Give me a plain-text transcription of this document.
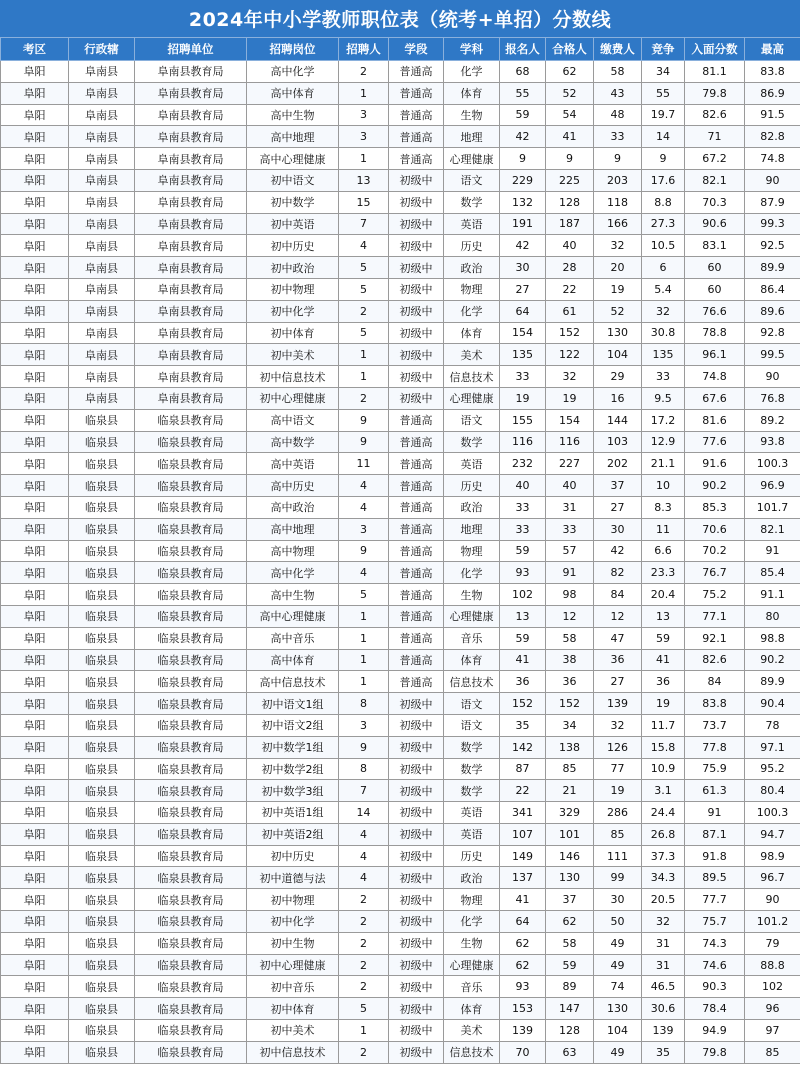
2024年中小学教师职位表（统考+单招）分数线
考区	行政辖	招聘单位	招聘岗位	招聘人	学段	学科	报名人	合格人	缴费人	竞争	入面分数	最高
阜阳	阜南县	阜南县教育局	高中化学	2	普通高	化学	68	62	58	34	81.1	83.8
阜阳	阜南县	阜南县教育局	高中体育	1	普通高	体育	55	52	43	55	79.8	86.9
阜阳	阜南县	阜南县教育局	高中生物	3	普通高	生物	59	54	48	19.7	82.6	91.5
阜阳	阜南县	阜南县教育局	高中地理	3	普通高	地理	42	41	33	14	71	82.8
阜阳	阜南县	阜南县教育局	高中心理健康	1	普通高	心理健康	9	9	9	9	67.2	74.8
阜阳	阜南县	阜南县教育局	初中语文	13	初级中	语文	229	225	203	17.6	82.1	90
阜阳	阜南县	阜南县教育局	初中数学	15	初级中	数学	132	128	118	8.8	70.3	87.9
阜阳	阜南县	阜南县教育局	初中英语	7	初级中	英语	191	187	166	27.3	90.6	99.3
阜阳	阜南县	阜南县教育局	初中历史	4	初级中	历史	42	40	32	10.5	83.1	92.5
阜阳	阜南县	阜南县教育局	初中政治	5	初级中	政治	30	28	20	6	60	89.9
阜阳	阜南县	阜南县教育局	初中物理	5	初级中	物理	27	22	19	5.4	60	86.4
阜阳	阜南县	阜南县教育局	初中化学	2	初级中	化学	64	61	52	32	76.6	89.6
阜阳	阜南县	阜南县教育局	初中体育	5	初级中	体育	154	152	130	30.8	78.8	92.8
阜阳	阜南县	阜南县教育局	初中美术	1	初级中	美术	135	122	104	135	96.1	99.5
阜阳	阜南县	阜南县教育局	初中信息技术	1	初级中	信息技术	33	32	29	33	74.8	90
阜阳	阜南县	阜南县教育局	初中心理健康	2	初级中	心理健康	19	19	16	9.5	67.6	76.8
阜阳	临泉县	临泉县教育局	高中语文	9	普通高	语文	155	154	144	17.2	81.6	89.2
阜阳	临泉县	临泉县教育局	高中数学	9	普通高	数学	116	116	103	12.9	77.6	93.8
阜阳	临泉县	临泉县教育局	高中英语	11	普通高	英语	232	227	202	21.1	91.6	100.3
阜阳	临泉县	临泉县教育局	高中历史	4	普通高	历史	40	40	37	10	90.2	96.9
阜阳	临泉县	临泉县教育局	高中政治	4	普通高	政治	33	31	27	8.3	85.3	101.7
阜阳	临泉县	临泉县教育局	高中地理	3	普通高	地理	33	33	30	11	70.6	82.1
阜阳	临泉县	临泉县教育局	高中物理	9	普通高	物理	59	57	42	6.6	70.2	91
阜阳	临泉县	临泉县教育局	高中化学	4	普通高	化学	93	91	82	23.3	76.7	85.4
阜阳	临泉县	临泉县教育局	高中生物	5	普通高	生物	102	98	84	20.4	75.2	91.1
阜阳	临泉县	临泉县教育局	高中心理健康	1	普通高	心理健康	13	12	12	13	77.1	80
阜阳	临泉县	临泉县教育局	高中音乐	1	普通高	音乐	59	58	47	59	92.1	98.8
阜阳	临泉县	临泉县教育局	高中体育	1	普通高	体育	41	38	36	41	82.6	90.2
阜阳	临泉县	临泉县教育局	高中信息技术	1	普通高	信息技术	36	36	27	36	84	89.9
阜阳	临泉县	临泉县教育局	初中语文1组	8	初级中	语文	152	152	139	19	83.8	90.4
阜阳	临泉县	临泉县教育局	初中语文2组	3	初级中	语文	35	34	32	11.7	73.7	78
阜阳	临泉县	临泉县教育局	初中数学1组	9	初级中	数学	142	138	126	15.8	77.8	97.1
阜阳	临泉县	临泉县教育局	初中数学2组	8	初级中	数学	87	85	77	10.9	75.9	95.2
阜阳	临泉县	临泉县教育局	初中数学3组	7	初级中	数学	22	21	19	3.1	61.3	80.4
阜阳	临泉县	临泉县教育局	初中英语1组	14	初级中	英语	341	329	286	24.4	91	100.3
阜阳	临泉县	临泉县教育局	初中英语2组	4	初级中	英语	107	101	85	26.8	87.1	94.7
阜阳	临泉县	临泉县教育局	初中历史	4	初级中	历史	149	146	111	37.3	91.8	98.9
阜阳	临泉县	临泉县教育局	初中道德与法	4	初级中	政治	137	130	99	34.3	89.5	96.7
阜阳	临泉县	临泉县教育局	初中物理	2	初级中	物理	41	37	30	20.5	77.7	90
阜阳	临泉县	临泉县教育局	初中化学	2	初级中	化学	64	62	50	32	75.7	101.2
阜阳	临泉县	临泉县教育局	初中生物	2	初级中	生物	62	58	49	31	74.3	79
阜阳	临泉县	临泉县教育局	初中心理健康	2	初级中	心理健康	62	59	49	31	74.6	88.8
阜阳	临泉县	临泉县教育局	初中音乐	2	初级中	音乐	93	89	74	46.5	90.3	102
阜阳	临泉县	临泉县教育局	初中体育	5	初级中	体育	153	147	130	30.6	78.4	96
阜阳	临泉县	临泉县教育局	初中美术	1	初级中	美术	139	128	104	139	94.9	97
阜阳	临泉县	临泉县教育局	初中信息技术	2	初级中	信息技术	70	63	49	35	79.8	85
